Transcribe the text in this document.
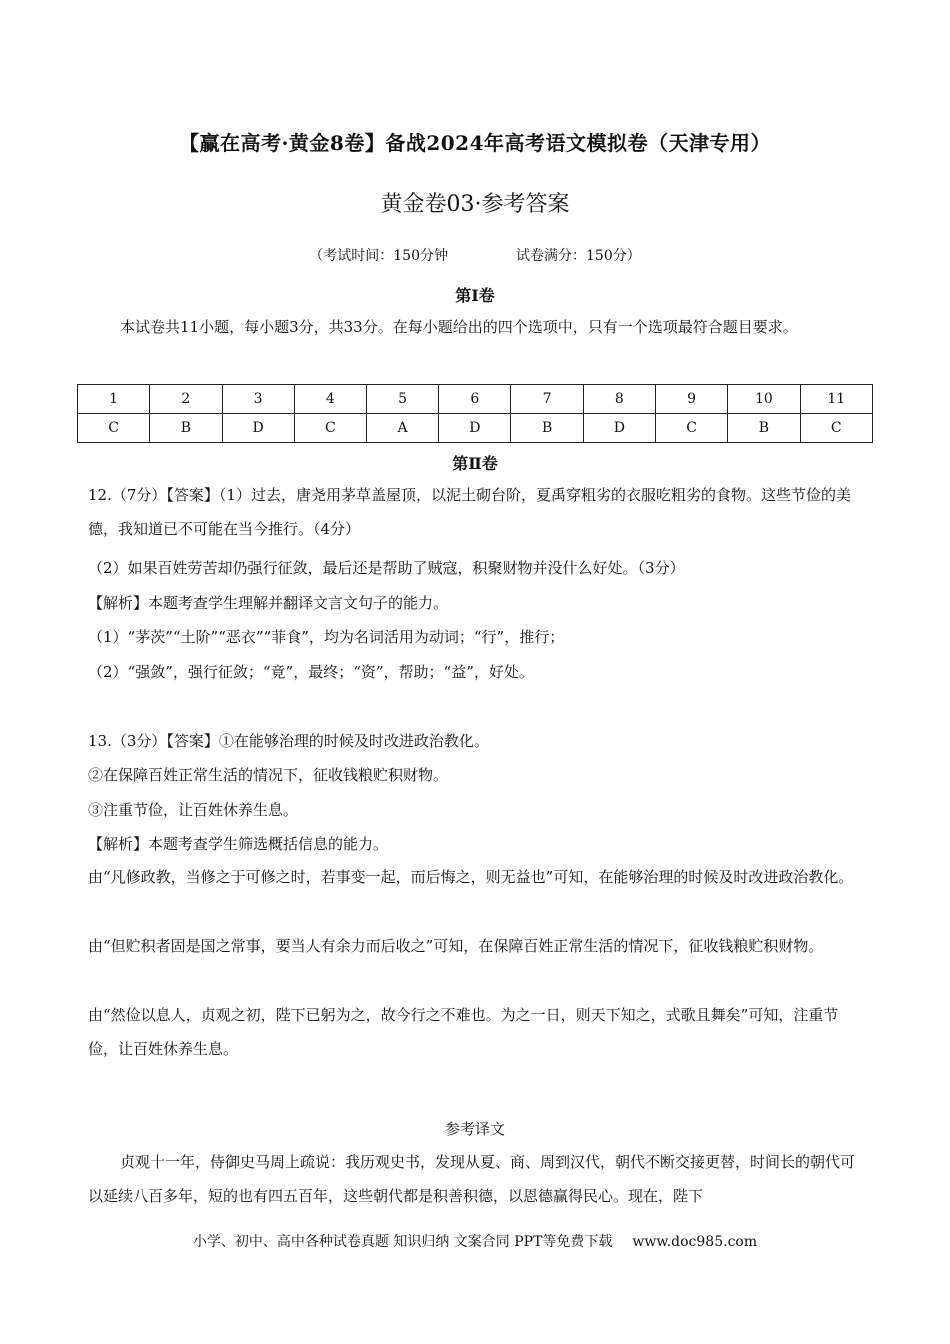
【赢在高考·黄金8卷】备战2024年高考语文模拟卷（天津专用）
黄金卷03·参考答案
（考试时间：150分钟	试卷满分：150分）
第Ⅰ卷
本试卷共11小题，每小题3分，共33分。在每小题给出的四个选项中，只有一个选项最符合题目要求。
1	2	3	4	5	6	7	8	9	10	11
C	B	D	C	A	D	B	D	C	B	C
第Ⅱ卷
12.（7分）【答案】（1）过去，唐尧用茅草盖屋顶，以泥土砌台阶，夏禹穿粗劣的衣服吃粗劣的食物。这些节俭的美德，我知道已不可能在当今推行。（4分）
（2）如果百姓劳苦却仍强行征敛，最后还是帮助了贼寇，积聚财物并没什么好处。（3分）
【解析】本题考查学生理解并翻译文言文句子的能力。
（1）“茅茨”“土阶”“恶衣”“菲食”，均为名词活用为动词；“行”，推行；
（2）“强敛”，强行征敛；“竟”，最终；“资”，帮助；“益”，好处。
13.（3分）【答案】①在能够治理的时候及时改进政治教化。
②在保障百姓正常生活的情况下，征收钱粮贮积财物。
③注重节俭，让百姓休养生息。
【解析】本题考查学生筛选概括信息的能力。
由“凡修政教，当修之于可修之时，若事变一起，而后悔之，则无益也”可知，在能够治理的时候及时改进政治教化。
由“但贮积者固是国之常事，要当人有余力而后收之”可知，在保障百姓正常生活的情况下，征收钱粮贮积财物。
由“然俭以息人，贞观之初，陛下已躬为之，故今行之不难也。为之一日，则天下知之，式歌且舞矣”可知，注重节俭，让百姓休养生息。
参考译文
贞观十一年，侍御史马周上疏说：我历观史书，发现从夏、商、周到汉代，朝代不断交接更替，时间长的朝代可以延续八百多年，短的也有四五百年，这些朝代都是积善积德，以恩德赢得民心。现在，陛下
小学、初中、高中各种试卷真题 知识归纳 文案合同 PPT等免费下载 www.doc985.com
